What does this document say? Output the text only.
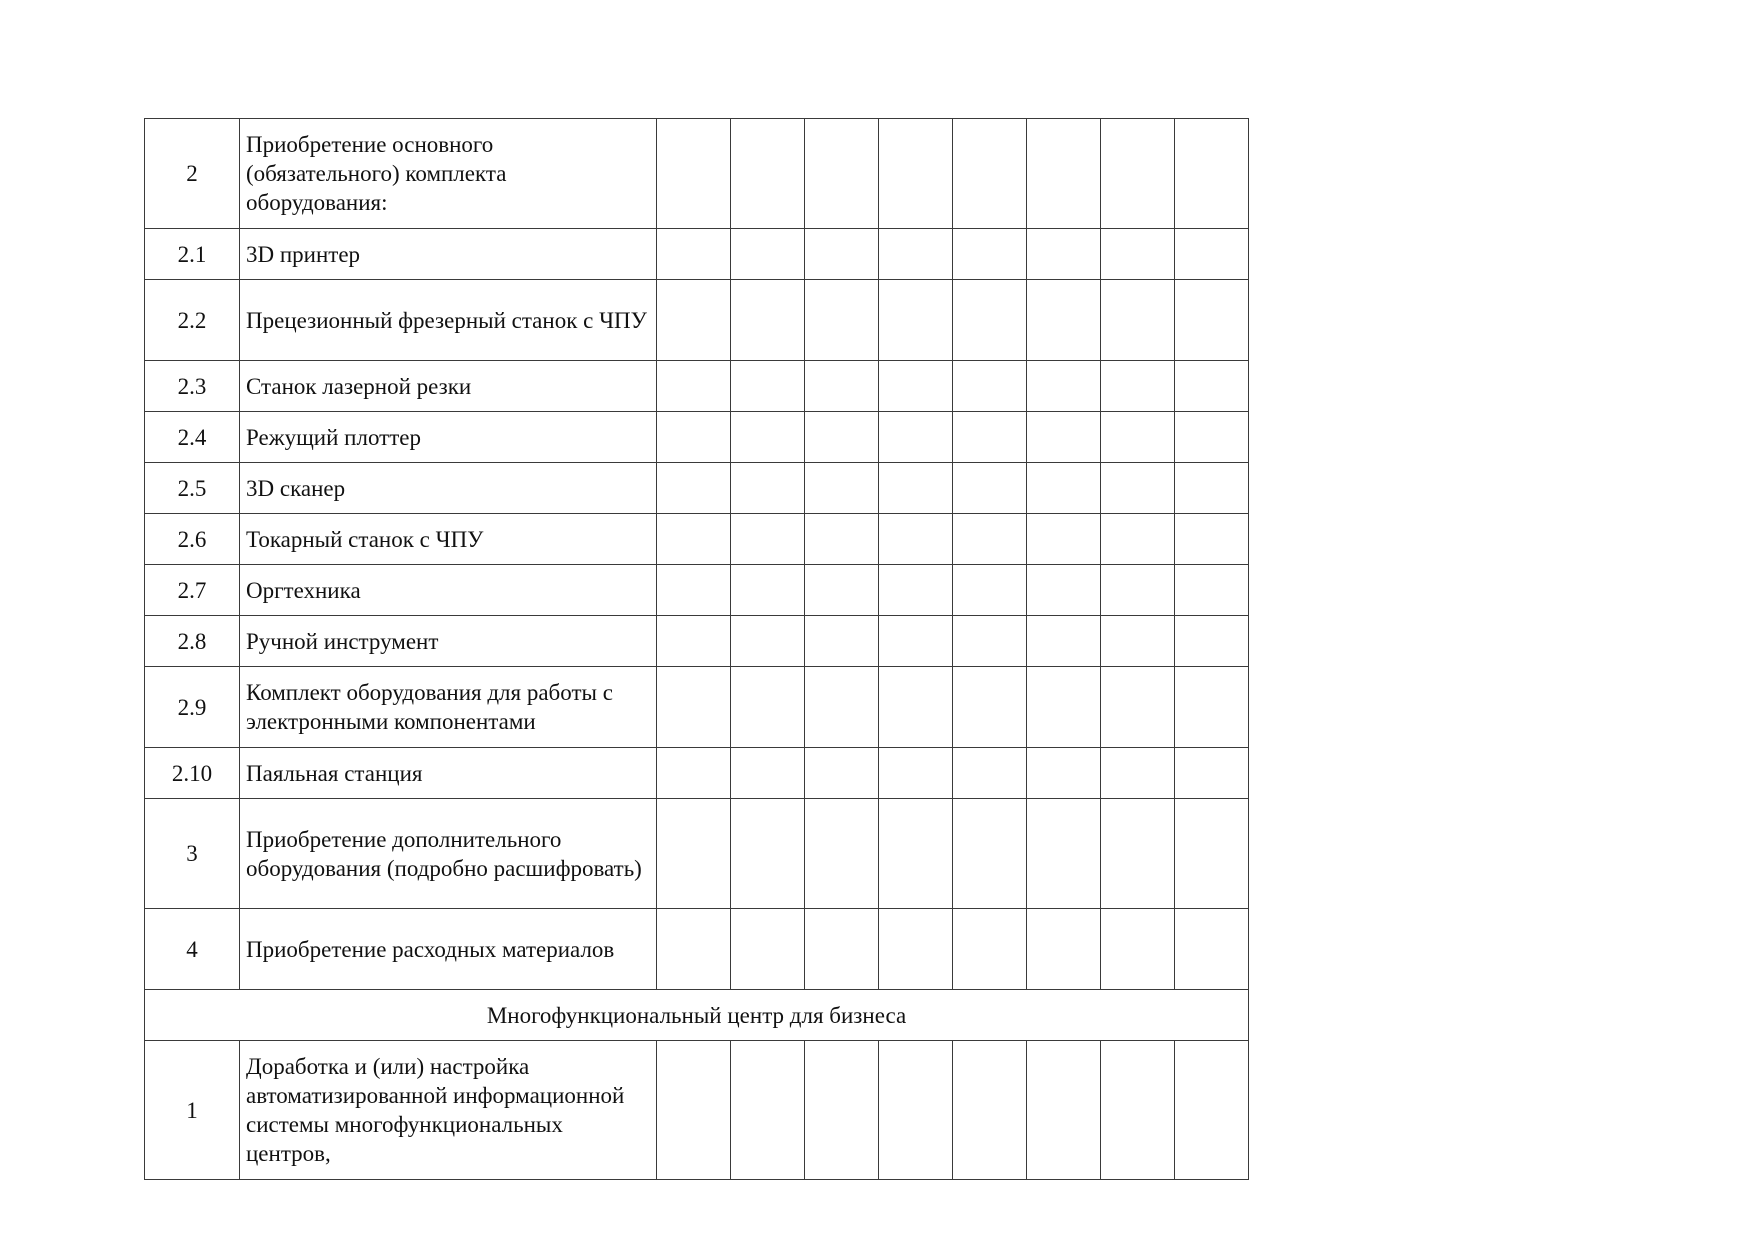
2	Приобретение основного (обязательного) комплекта оборудования:								
2.1	3D принтер								
2.2	Прецезионный фрезерный станок с ЧПУ								
2.3	Станок лазерной резки								
2.4	Режущий плоттер								
2.5	3D сканер								
2.6	Токарный станок с ЧПУ								
2.7	Оргтехника								
2.8	Ручной инструмент								
2.9	Комплект оборудования для работы с электронными компонентами								
2.10	Паяльная станция								
3	Приобретение дополнительного оборудования (подробно расшифровать)								
4	Приобретение расходных материалов								
Многофункциональный центр для бизнеса									
1	Доработка и (или) настройка автоматизированной информационной системы многофункциональных центров,								
